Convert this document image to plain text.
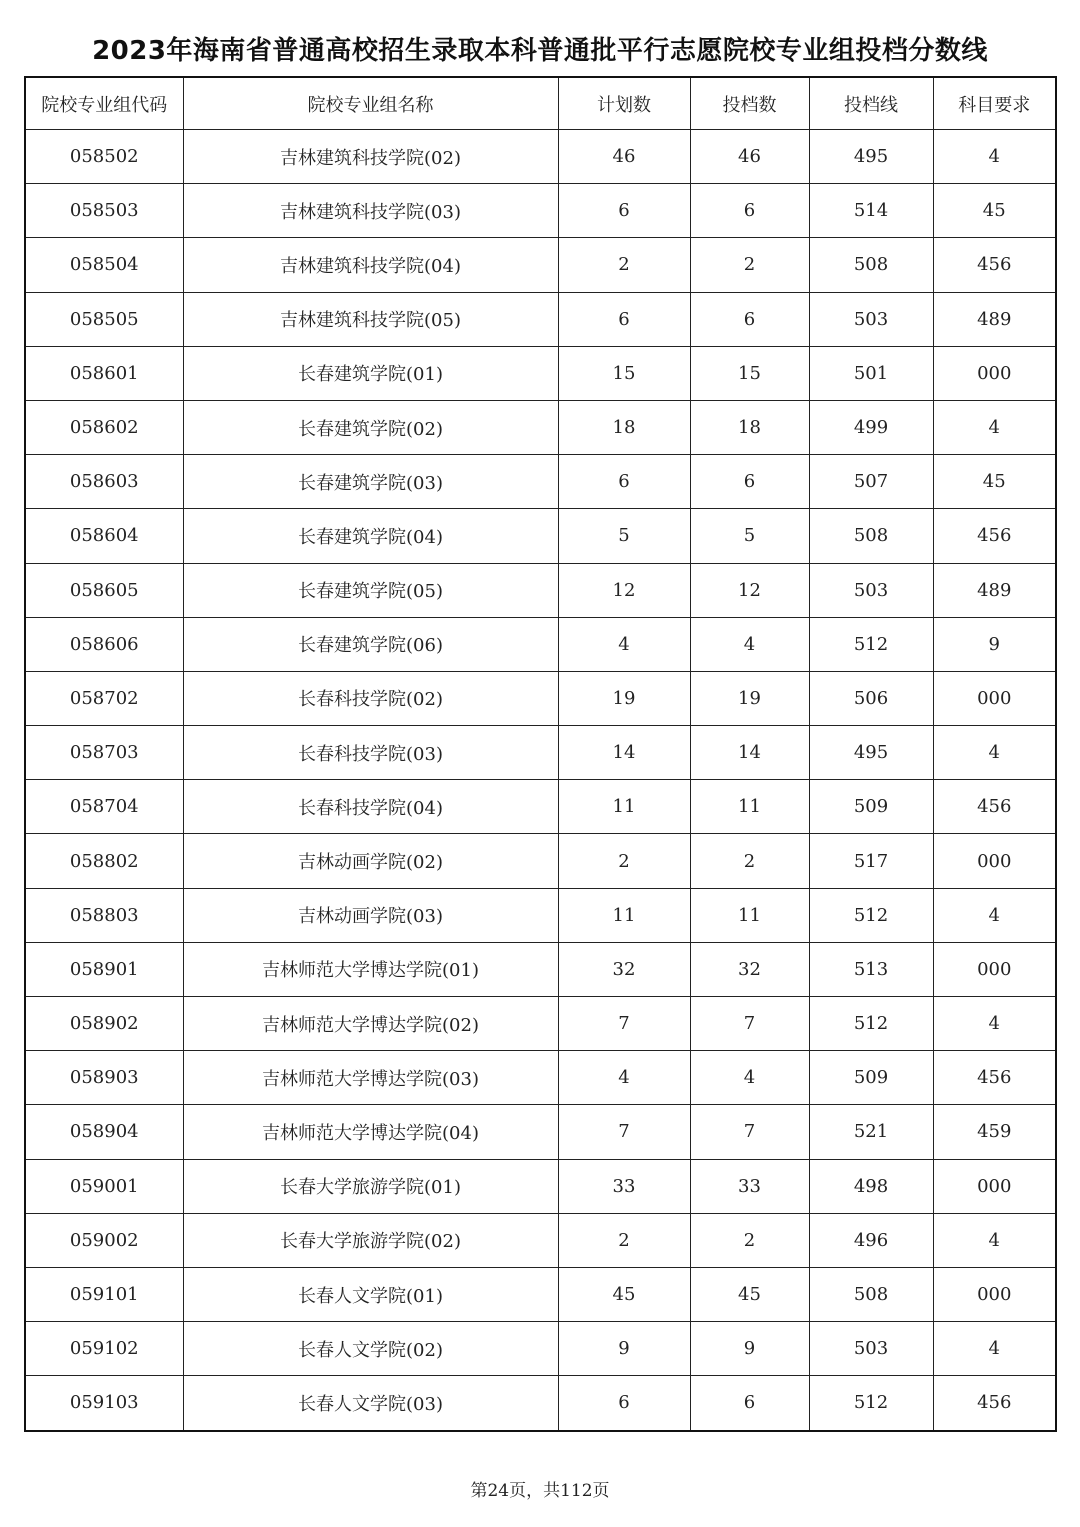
2023年海南省普通高校招生录取本科普通批平行志愿院校专业组投档分数线
院校专业组代码	院校专业组名称	计划数	投档数	投档线	科目要求
058502	吉林建筑科技学院(02)	46	46	495	4
058503	吉林建筑科技学院(03)	6	6	514	45
058504	吉林建筑科技学院(04)	2	2	508	456
058505	吉林建筑科技学院(05)	6	6	503	489
058601	长春建筑学院(01)	15	15	501	000
058602	长春建筑学院(02)	18	18	499	4
058603	长春建筑学院(03)	6	6	507	45
058604	长春建筑学院(04)	5	5	508	456
058605	长春建筑学院(05)	12	12	503	489
058606	长春建筑学院(06)	4	4	512	9
058702	长春科技学院(02)	19	19	506	000
058703	长春科技学院(03)	14	14	495	4
058704	长春科技学院(04)	11	11	509	456
058802	吉林动画学院(02)	2	2	517	000
058803	吉林动画学院(03)	11	11	512	4
058901	吉林师范大学博达学院(01)	32	32	513	000
058902	吉林师范大学博达学院(02)	7	7	512	4
058903	吉林师范大学博达学院(03)	4	4	509	456
058904	吉林师范大学博达学院(04)	7	7	521	459
059001	长春大学旅游学院(01)	33	33	498	000
059002	长春大学旅游学院(02)	2	2	496	4
059101	长春人文学院(01)	45	45	508	000
059102	长春人文学院(02)	9	9	503	4
059103	长春人文学院(03)	6	6	512	456
第24页，共112页
